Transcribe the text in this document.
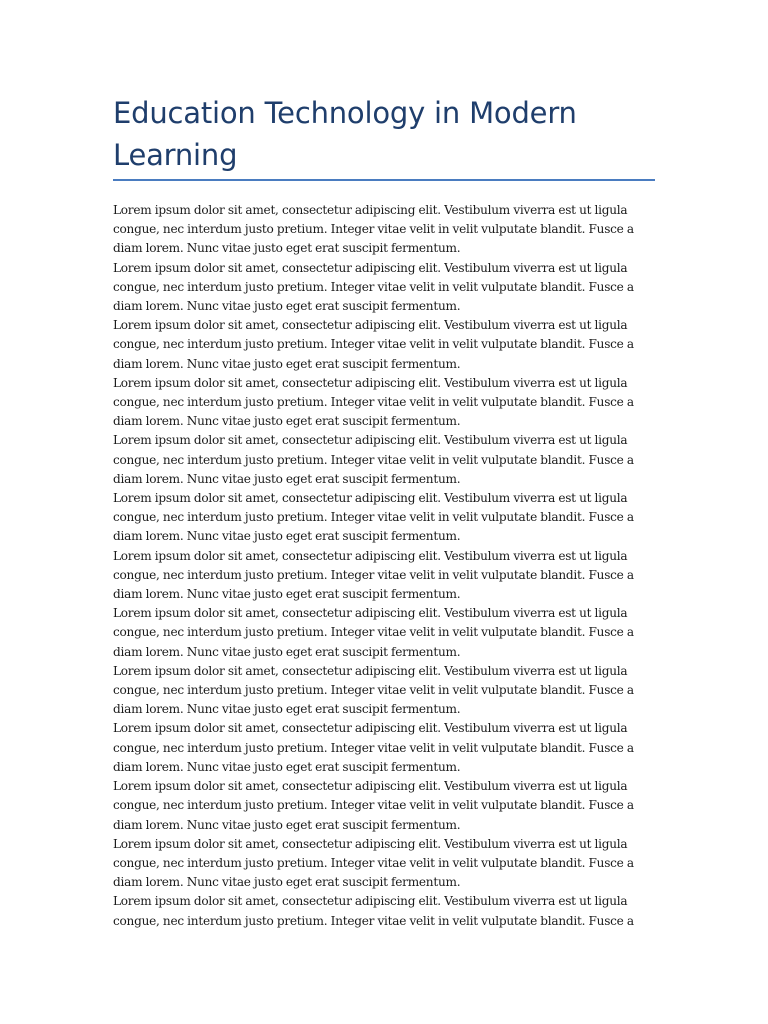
Education Technology in Modern Learning

Lorem ipsum dolor sit amet, consectetur adipiscing elit. Vestibulum viverra est ut ligula congue, nec interdum justo pretium. Integer vitae velit in velit vulputate blandit. Fusce a diam lorem. Nunc vitae justo eget erat suscipit fermentum.

Lorem ipsum dolor sit amet, consectetur adipiscing elit. Vestibulum viverra est ut ligula congue, nec interdum justo pretium. Integer vitae velit in velit vulputate blandit. Fusce a diam lorem. Nunc vitae justo eget erat suscipit fermentum.

Lorem ipsum dolor sit amet, consectetur adipiscing elit. Vestibulum viverra est ut ligula congue, nec interdum justo pretium. Integer vitae velit in velit vulputate blandit. Fusce a diam lorem. Nunc vitae justo eget erat suscipit fermentum.

Lorem ipsum dolor sit amet, consectetur adipiscing elit. Vestibulum viverra est ut ligula congue, nec interdum justo pretium. Integer vitae velit in velit vulputate blandit. Fusce a diam lorem. Nunc vitae justo eget erat suscipit fermentum.

Lorem ipsum dolor sit amet, consectetur adipiscing elit. Vestibulum viverra est ut ligula congue, nec interdum justo pretium. Integer vitae velit in velit vulputate blandit. Fusce a diam lorem. Nunc vitae justo eget erat suscipit fermentum.

Lorem ipsum dolor sit amet, consectetur adipiscing elit. Vestibulum viverra est ut ligula congue, nec interdum justo pretium. Integer vitae velit in velit vulputate blandit. Fusce a diam lorem. Nunc vitae justo eget erat suscipit fermentum.

Lorem ipsum dolor sit amet, consectetur adipiscing elit. Vestibulum viverra est ut ligula congue, nec interdum justo pretium. Integer vitae velit in velit vulputate blandit. Fusce a diam lorem. Nunc vitae justo eget erat suscipit fermentum.

Lorem ipsum dolor sit amet, consectetur adipiscing elit. Vestibulum viverra est ut ligula congue, nec interdum justo pretium. Integer vitae velit in velit vulputate blandit. Fusce a diam lorem. Nunc vitae justo eget erat suscipit fermentum.

Lorem ipsum dolor sit amet, consectetur adipiscing elit. Vestibulum viverra est ut ligula congue, nec interdum justo pretium. Integer vitae velit in velit vulputate blandit. Fusce a diam lorem. Nunc vitae justo eget erat suscipit fermentum.

Lorem ipsum dolor sit amet, consectetur adipiscing elit. Vestibulum viverra est ut ligula congue, nec interdum justo pretium. Integer vitae velit in velit vulputate blandit. Fusce a diam lorem. Nunc vitae justo eget erat suscipit fermentum.

Lorem ipsum dolor sit amet, consectetur adipiscing elit. Vestibulum viverra est ut ligula congue, nec interdum justo pretium. Integer vitae velit in velit vulputate blandit. Fusce a diam lorem. Nunc vitae justo eget erat suscipit fermentum.

Lorem ipsum dolor sit amet, consectetur adipiscing elit. Vestibulum viverra est ut ligula congue, nec interdum justo pretium. Integer vitae velit in velit vulputate blandit. Fusce a diam lorem. Nunc vitae justo eget erat suscipit fermentum.

Lorem ipsum dolor sit amet, consectetur adipiscing elit. Vestibulum viverra est ut ligula congue, nec interdum justo pretium. Integer vitae velit in velit vulputate blandit. Fusce a
